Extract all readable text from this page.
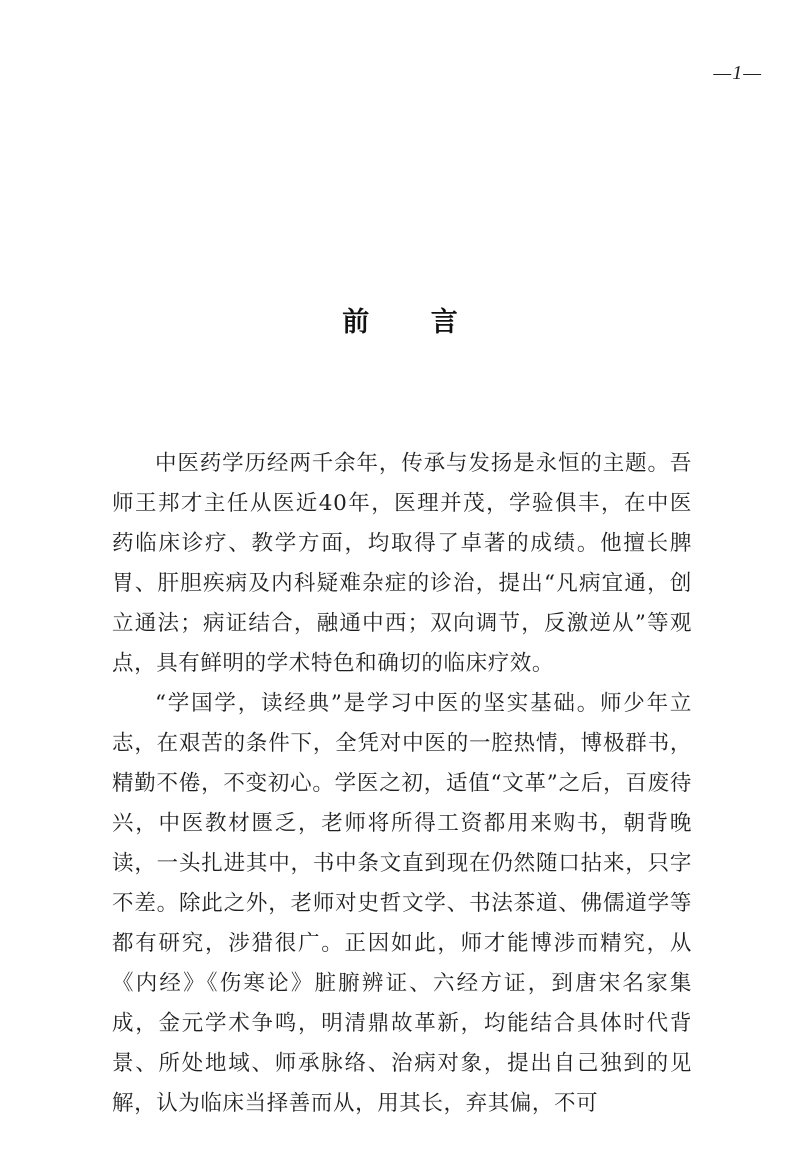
—1—
前 言

中医药学历经两千余年，传承与发扬是永恒的主题。吾师王邦才主任从医近40年，医理并茂，学验俱丰，在中医药临床诊疗、教学方面，均取得了卓著的成绩。他擅长脾胃、肝胆疾病及内科疑难杂症的诊治，提出“凡病宜通，创立通法；病证结合，融通中西；双向调节，反激逆从”等观点，具有鲜明的学术特色和确切的临床疗效。

“学国学，读经典”是学习中医的坚实基础。师少年立志，在艰苦的条件下，全凭对中医的一腔热情，博极群书，精勤不倦，不变初心。学医之初，适值“文革”之后，百废待兴，中医教材匮乏，老师将所得工资都用来购书，朝背晚读，一头扎进其中，书中条文直到现在仍然随口拈来，只字不差。除此之外，老师对史哲文学、书法茶道、佛儒道学等都有研究，涉猎很广。正因如此，师才能博涉而精究，从《内经》《伤寒论》脏腑辨证、六经方证，到唐宋名家集成，金元学术争鸣，明清鼎故革新，均能结合具体时代背景、所处地域、师承脉络、治病对象，提出自己独到的见解，认为临床当择善而从，用其长，弃其偏，不可
